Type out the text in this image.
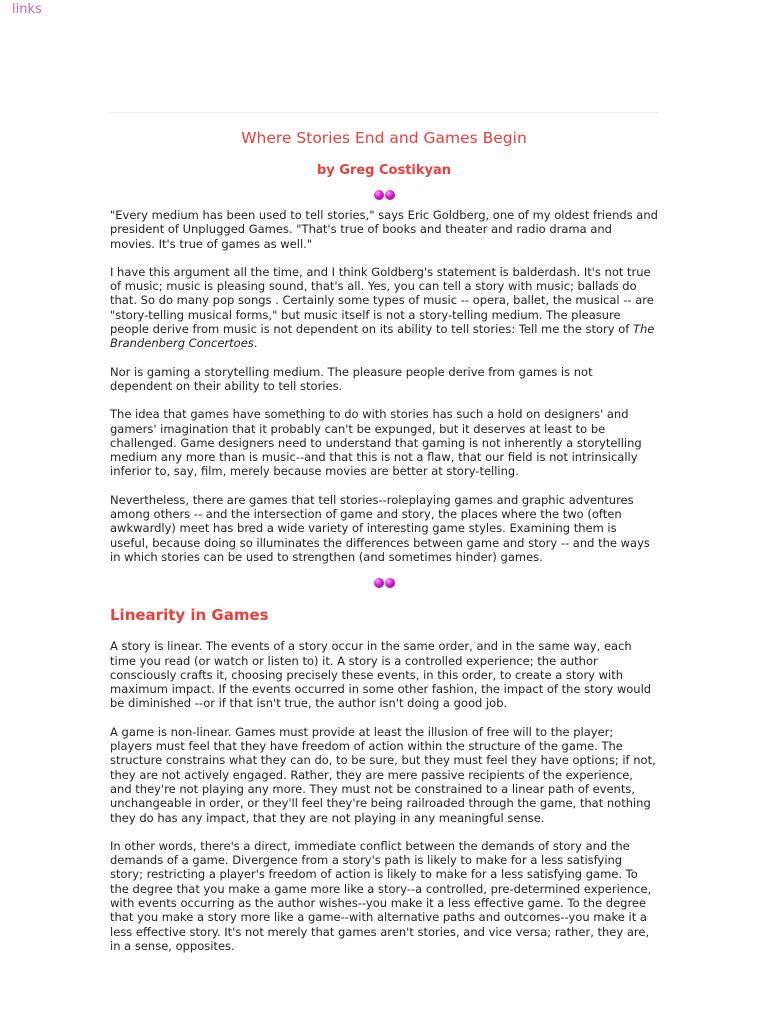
links
Where Stories End and Games Begin
by Greg Costikyan

"Every medium has been used to tell stories," says Eric Goldberg, one of my oldest friends and president of Unplugged Games. "That's true of books and theater and radio drama and movies. It's true of games as well."

I have this argument all the time, and I think Goldberg's statement is balderdash. It's not true of music; music is pleasing sound, that's all. Yes, you can tell a story with music; ballads do that. So do many pop songs . Certainly some types of music -- opera, ballet, the musical -- are "story-telling musical forms," but music itself is not a story-telling medium. The pleasure people derive from music is not dependent on its ability to tell stories: Tell me the story of The Brandenberg Concertoes.

Nor is gaming a storytelling medium. The pleasure people derive from games is not dependent on their ability to tell stories.

The idea that games have something to do with stories has such a hold on designers' and gamers' imagination that it probably can't be expunged, but it deserves at least to be challenged. Game designers need to understand that gaming is not inherently a storytelling medium any more than is music--and that this is not a flaw, that our field is not intrinsically inferior to, say, film, merely because movies are better at story-telling.

Nevertheless, there are games that tell stories--roleplaying games and graphic adventures among others -- and the intersection of game and story, the places where the two (often awkwardly) meet has bred a wide variety of interesting game styles. Examining them is useful, because doing so illuminates the differences between game and story -- and the ways in which stories can be used to strengthen (and sometimes hinder) games.

Linearity in Games

A story is linear. The events of a story occur in the same order, and in the same way, each time you read (or watch or listen to) it. A story is a controlled experience; the author consciously crafts it, choosing precisely these events, in this order, to create a story with maximum impact. If the events occurred in some other fashion, the impact of the story would be diminished --or if that isn't true, the author isn't doing a good job.

A game is non-linear. Games must provide at least the illusion of free will to the player; players must feel that they have freedom of action within the structure of the game. The structure constrains what they can do, to be sure, but they must feel they have options; if not, they are not actively engaged. Rather, they are mere passive recipients of the experience, and they're not playing any more. They must not be constrained to a linear path of events, unchangeable in order, or they'll feel they're being railroaded through the game, that nothing they do has any impact, that they are not playing in any meaningful sense.

In other words, there's a direct, immediate conflict between the demands of story and the demands of a game. Divergence from a story's path is likely to make for a less satisfying story; restricting a player's freedom of action is likely to make for a less satisfying game. To the degree that you make a game more like a story--a controlled, pre-determined experience, with events occurring as the author wishes--you make it a less effective game. To the degree that you make a story more like a game--with alternative paths and outcomes--you make it a less effective story. It's not merely that games aren't stories, and vice versa; rather, they are, in a sense, opposites.
